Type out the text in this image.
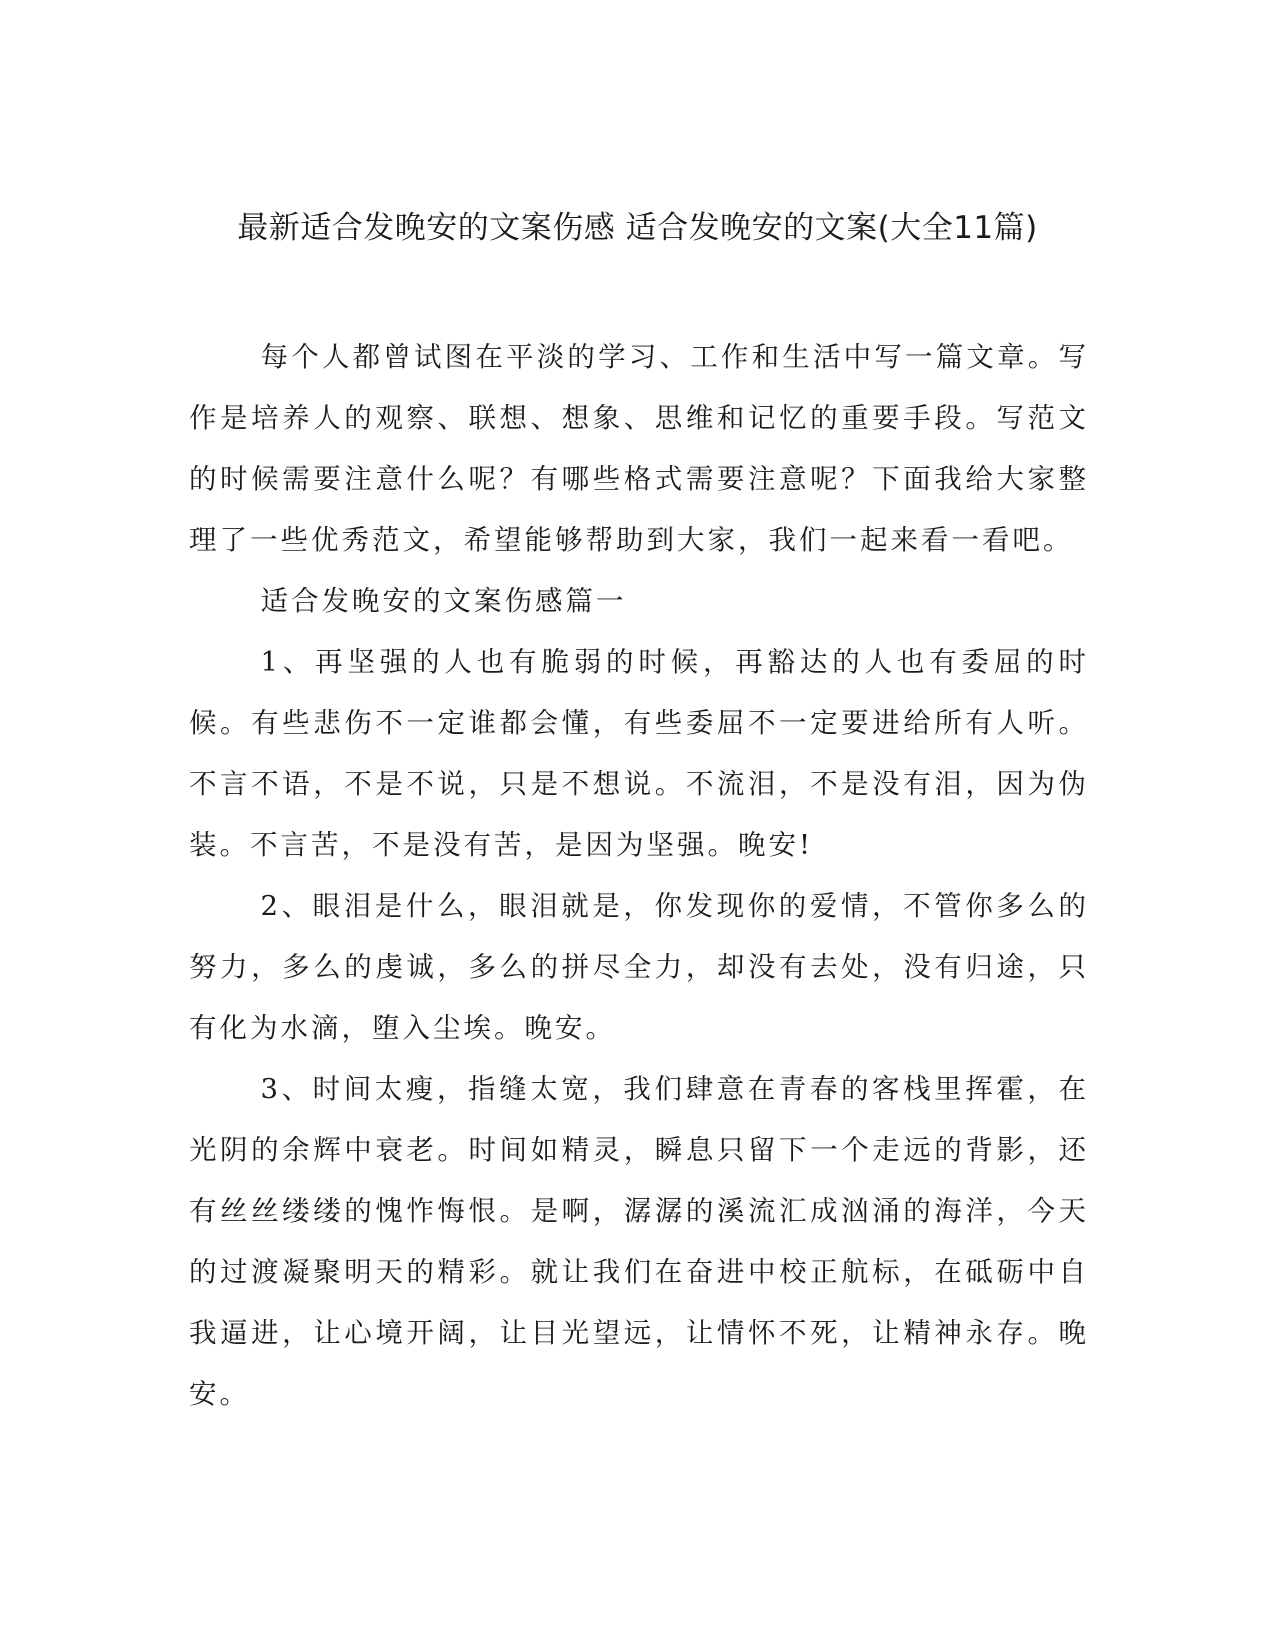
最新适合发晚安的文案伤感 适合发晚安的文案(大全11篇)

每个人都曾试图在平淡的学习、工作和生活中写一篇文章。写作是培养人的观察、联想、想象、思维和记忆的重要手段。写范文的时候需要注意什么呢？有哪些格式需要注意呢？下面我给大家整理了一些优秀范文，希望能够帮助到大家，我们一起来看一看吧。

适合发晚安的文案伤感篇一

1、再坚强的人也有脆弱的时候，再豁达的人也有委屈的时候。有些悲伤不一定谁都会懂，有些委屈不一定要进给所有人听。不言不语，不是不说，只是不想说。不流泪，不是没有泪，因为伪装。不言苦，不是没有苦，是因为坚强。晚安!

2、眼泪是什么，眼泪就是，你发现你的爱情，不管你多么的努力，多么的虔诚，多么的拼尽全力，却没有去处，没有归途，只有化为水滴，堕入尘埃。晚安。

3、时间太瘦，指缝太宽，我们肆意在青春的客栈里挥霍，在光阴的余辉中衰老。时间如精灵，瞬息只留下一个走远的背影，还有丝丝缕缕的愧怍悔恨。是啊，潺潺的溪流汇成汹涌的海洋，今天的过渡凝聚明天的精彩。就让我们在奋进中校正航标，在砥砺中自我逼进，让心境开阔，让目光望远，让情怀不死，让精神永存。晚安。
